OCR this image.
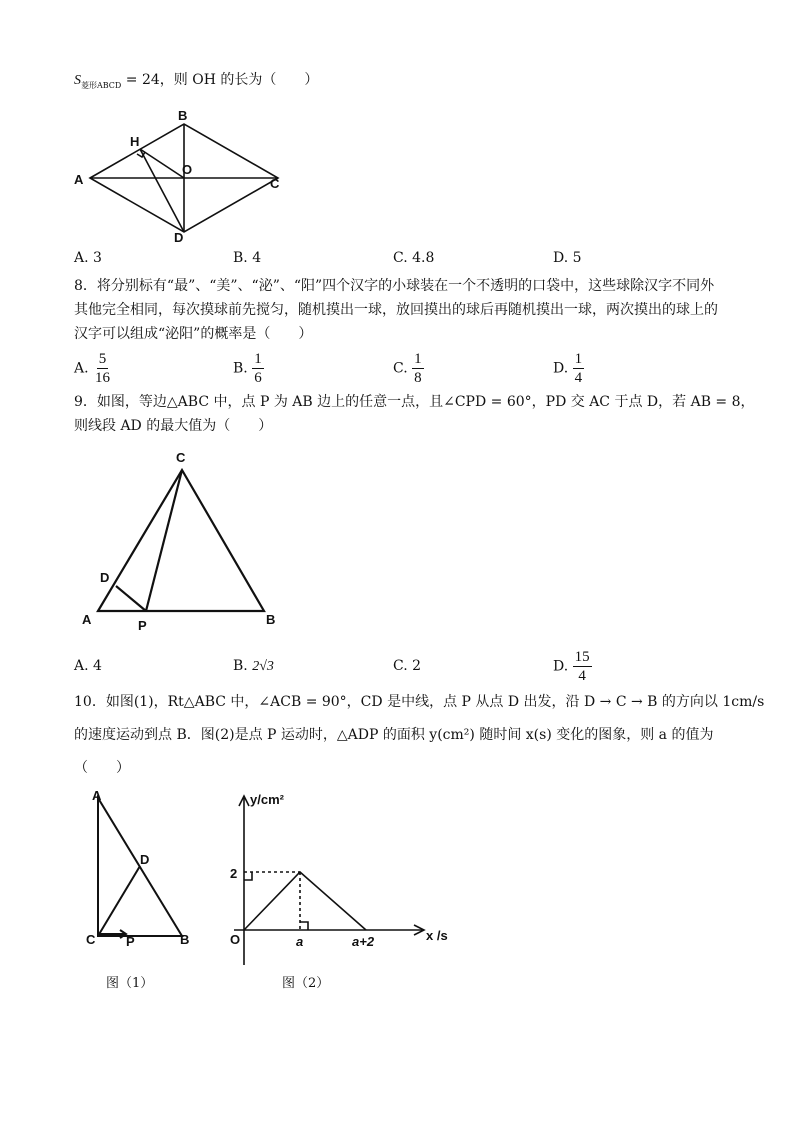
$S_{菱形ABCD} = 24$，则 OH 的长为（　　）
A
B
C
D
H
O
A. 3	B. 4	C. 4.8	D. 5
8．将分别标有“最”、“美”、“泌”、“阳”四个汉字的小球装在一个不透明的口袋中，这些球除汉字不同外
其他完全相同，每次摸球前先搅匀，随机摸出一球，放回摸出的球后再随机摸出一球，两次摸出的球上的
汉字可以组成“泌阳”的概率是（　　）
A. $\frac{5}{16}$	B. $\frac{1}{6}$	C. $\frac{1}{8}$	D. $\frac{1}{4}$
9．如图，等边△ABC 中，点 P 为 AB 边上的任意一点，且∠CPD = 60°，PD 交 AC 于点 D，若 AB = 8，
则线段 AD 的最大值为（　　）
C
D
A	P	B
A. 4	B. 2√3	C. 2	D. $\frac{15}{4}$
10．如图(1)，Rt△ABC 中，∠ACB = 90°，CD 是中线，点 P 从点 D 出发，沿 D → C → B 的方向以 1cm/s
的速度运动到点 B．图(2)是点 P 运动时，△ADP 的面积 y(cm²) 随时间 x(s) 变化的图象，则 a 的值为
（　　）
A
D
C P	B
y/cm²
x /s
O
2
a	a+2
图（1）	图（2）
